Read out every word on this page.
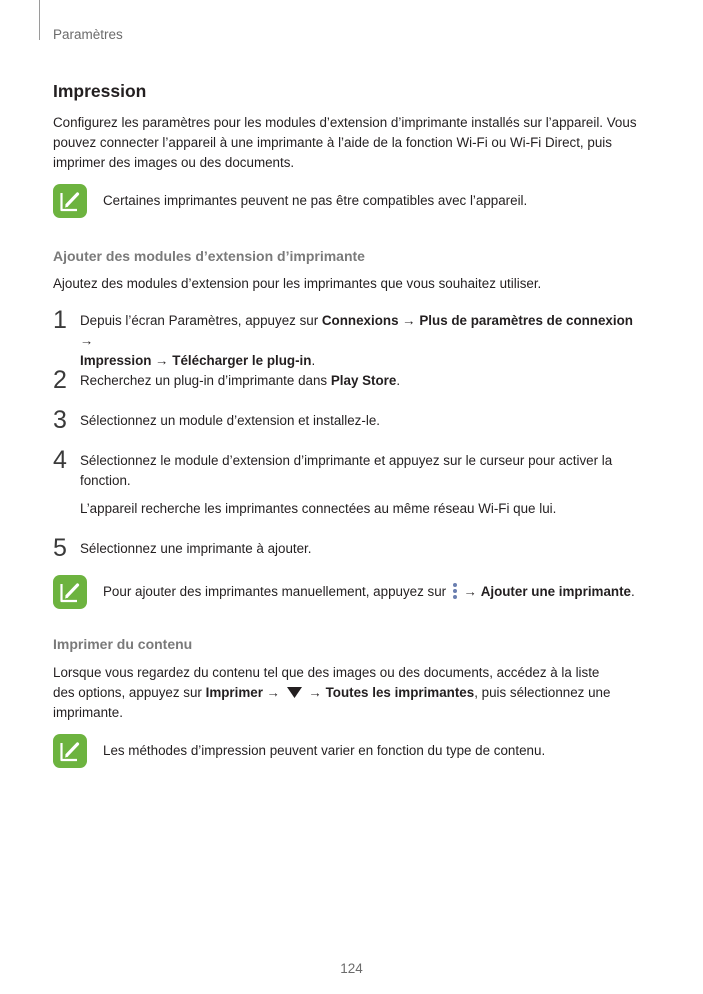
Paramètres
Impression
Configurez les paramètres pour les modules d’extension d’imprimante installés sur l’appareil. Vous
pouvez connecter l’appareil à une imprimante à l’aide de la fonction Wi-Fi ou Wi-Fi Direct, puis
imprimer des images ou des documents.
Certaines imprimantes peuvent ne pas être compatibles avec l’appareil.
Ajouter des modules d’extension d’imprimante
Ajoutez des modules d’extension pour les imprimantes que vous souhaitez utiliser.
1 Depuis l’écran Paramètres, appuyez sur Connexions → Plus de paramètres de connexion →
Impression → Télécharger le plug-in.
2 Recherchez un plug-in d’imprimante dans Play Store.
3 Sélectionnez un module d’extension et installez-le.
4 Sélectionnez le module d’extension d’imprimante et appuyez sur le curseur pour activer la
fonction.
L’appareil recherche les imprimantes connectées au même réseau Wi-Fi que lui.
5 Sélectionnez une imprimante à ajouter.
Pour ajouter des imprimantes manuellement, appuyez sur  → Ajouter une imprimante.
Imprimer du contenu
Lorsque vous regardez du contenu tel que des images ou des documents, accédez à la liste
des options, appuyez sur Imprimer →  → Toutes les imprimantes, puis sélectionnez une
imprimante.
Les méthodes d’impression peuvent varier en fonction du type de contenu.
124
